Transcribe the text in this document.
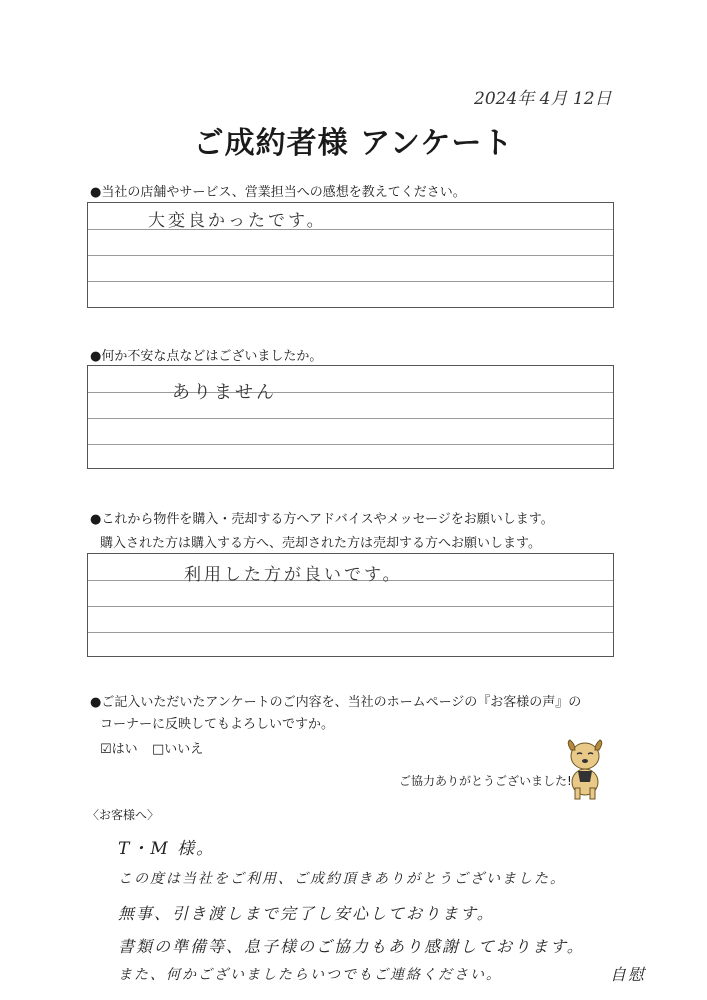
2024年 4月 12日
ご成約者様 アンケート
●当社の店舗やサービス、営業担当への感想を教えてください。
大変良かったです。
●何か不安な点などはございましたか。
ありません
●これから物件を購入・売却する方へアドバイスやメッセージをお願いします。
購入された方は購入する方へ、売却された方は売却する方へお願いします。
利用した方が良いです。
●ご記入いただいたアンケートのご内容を、当社のホームページの『お客様の声』の
コーナーに反映してもよろしいですか。
☑はい □いいえ
ご協力ありがとうございました!
〈お客様へ〉
T・M 様。
この度は当社をご利用、ご成約頂きありがとうございました。
無事、引き渡しまで完了し安心しております。
書類の準備等、息子様のご協力もあり感謝しております。
また、何かございましたらいつでもご連絡ください。	自慰
